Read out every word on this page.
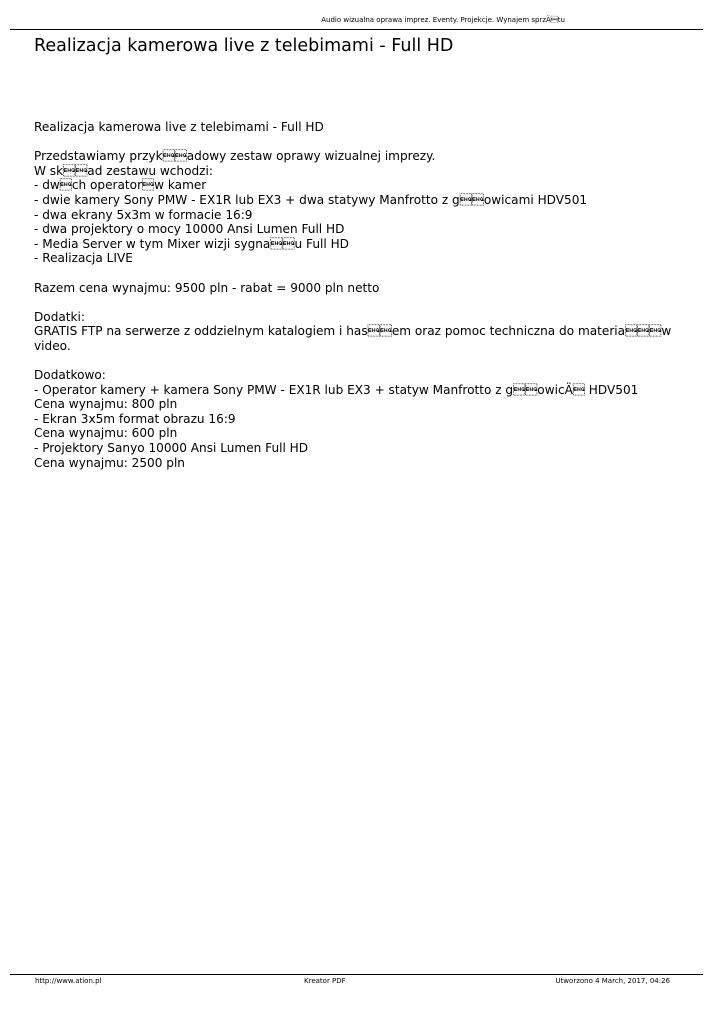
Audio wizualna oprawa imprez. Eventy. Projekcje. Wynajem sprzÄtu
Realizacja kamerowa live z telebimami - Full HD
Realizacja kamerowa live z telebimami - Full HD
Przedstawiamy przykadowy zestaw oprawy wizualnej imprezy.
W skad zestawu wchodzi:
- dwch operatorw kamer
- dwie kamery Sony PMW - EX1R lub EX3 + dwa statywy Manfrotto z gowicami HDV501
- dwa ekrany 5x3m w formacie 16:9
- dwa projektory o mocy 10000 Ansi Lumen Full HD
- Media Server w tym Mixer wizji sygnau Full HD
- Realizacja LIVE
Razem cena wynajmu: 9500 pln - rabat = 9000 pln netto
Dodatki:
GRATIS FTP na serwerze z oddzielnym katalogiem i hasem oraz pomoc techniczna do materiaw video.
Dodatkowo:
- Operator kamery + kamera Sony PMW - EX1R lub EX3 + statyw Manfrotto z gowicÄ HDV501
Cena wynajmu: 800 pln
- Ekran 3x5m format obrazu 16:9
Cena wynajmu: 600 pln
- Projektory Sanyo 10000 Ansi Lumen Full HD
Cena wynajmu: 2500 pln
http://www.ation.pl	Kreator PDF	Utworzono 4 March, 2017, 04:26
